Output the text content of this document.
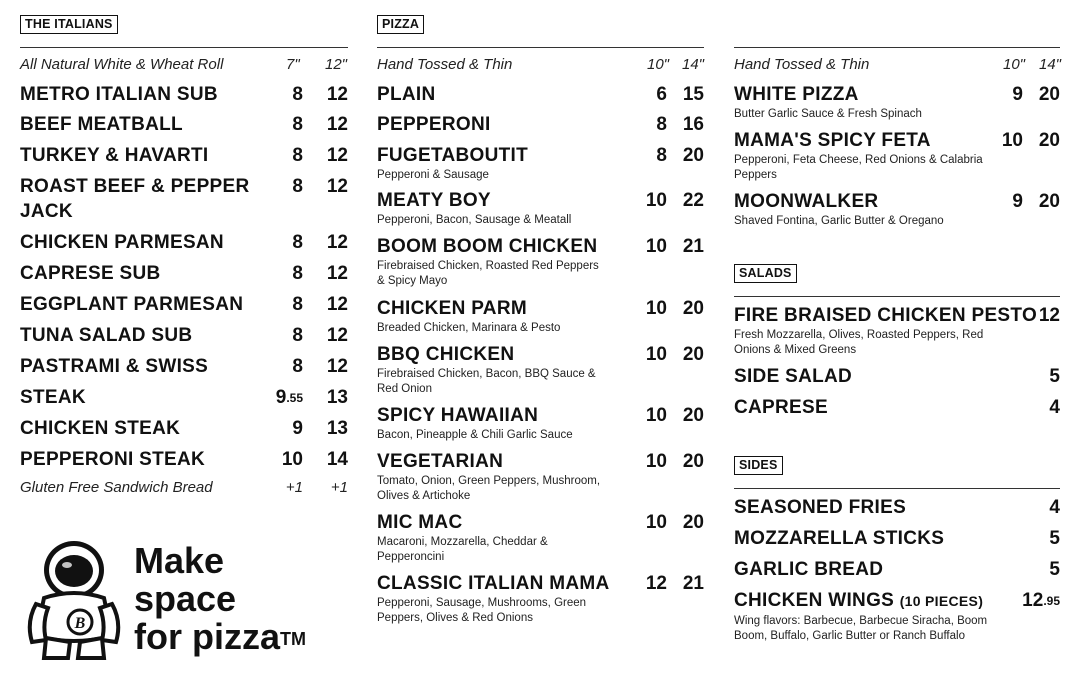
THE ITALIANS
All Natural White & Wheat Roll	7" 12"
METRO ITALIAN SUB	8 12
BEEF MEATBALL	8 12
TURKEY & HAVARTI	8 12
ROAST BEEF & PEPPER JACK
8 12
CHICKEN PARMESAN	8 12
CAPRESE SUB	8 12
EGGPLANT PARMESAN	8 12
TUNA SALAD SUB	8 12
PASTRAMI & SWISS	8 12
STEAK	$9^{.55}$ 13
CHICKEN STEAK	9 13
PEPPERONI STEAK	10 14
Gluten Free Sandwich Bread	+1 +1
B
Make
space
for pizza™
PIZZA
Hand Tossed & Thin	10" 14"
PLAIN	6 15
PEPPERONI	8 16
FUGETABOUTIT
Pepperoni & Sausage
8 20
MEATY BOY
Pepperoni, Bacon, Sausage & Meatall
10 22
BOOM BOOM CHICKEN
Firebraised Chicken, Roasted Red Peppers & Spicy Mayo
10 21
CHICKEN PARM
Breaded Chicken, Marinara & Pesto
10 20
BBQ CHICKEN
Firebraised Chicken, Bacon, BBQ Sauce & Red Onion
10 20
SPICY HAWAIIAN
Bacon, Pineapple & Chili Garlic Sauce
10 20
VEGETARIAN
Tomato, Onion, Green Peppers, Mushroom, Olives & Artichoke
10 20
MIC MAC
Macaroni, Mozzarella, Cheddar & Pepperoncini
10 20
CLASSIC ITALIAN MAMA
Pepperoni, Sausage, Mushrooms, Green Peppers, Olives & Red Onions
12 21
Hand Tossed & Thin	10" 14"
WHITE PIZZA
Butter Garlic Sauce & Fresh Spinach
9 20
MAMA'S SPICY FETA
Pepperoni, Feta Cheese, Red Onions & Calabria Peppers
10 20
MOONWALKER
Shaved Fontina, Garlic Butter & Oregano
9 20
SALADS
FIRE BRAISED CHICKEN PESTO
Fresh Mozzarella, Olives, Roasted Peppers, Red Onions & Mixed Greens
12
SIDE SALAD	5
CAPRESE	4
SIDES
SEASONED FRIES	4
MOZZARELLA STICKS	5
GARLIC BREAD	5
CHICKEN WINGS (10 PIECES)
Wing flavors: Barbecue, Barbecue Siracha, Boom Boom, Buffalo, Garlic Butter or Ranch Buffalo
$12^{.95}$
